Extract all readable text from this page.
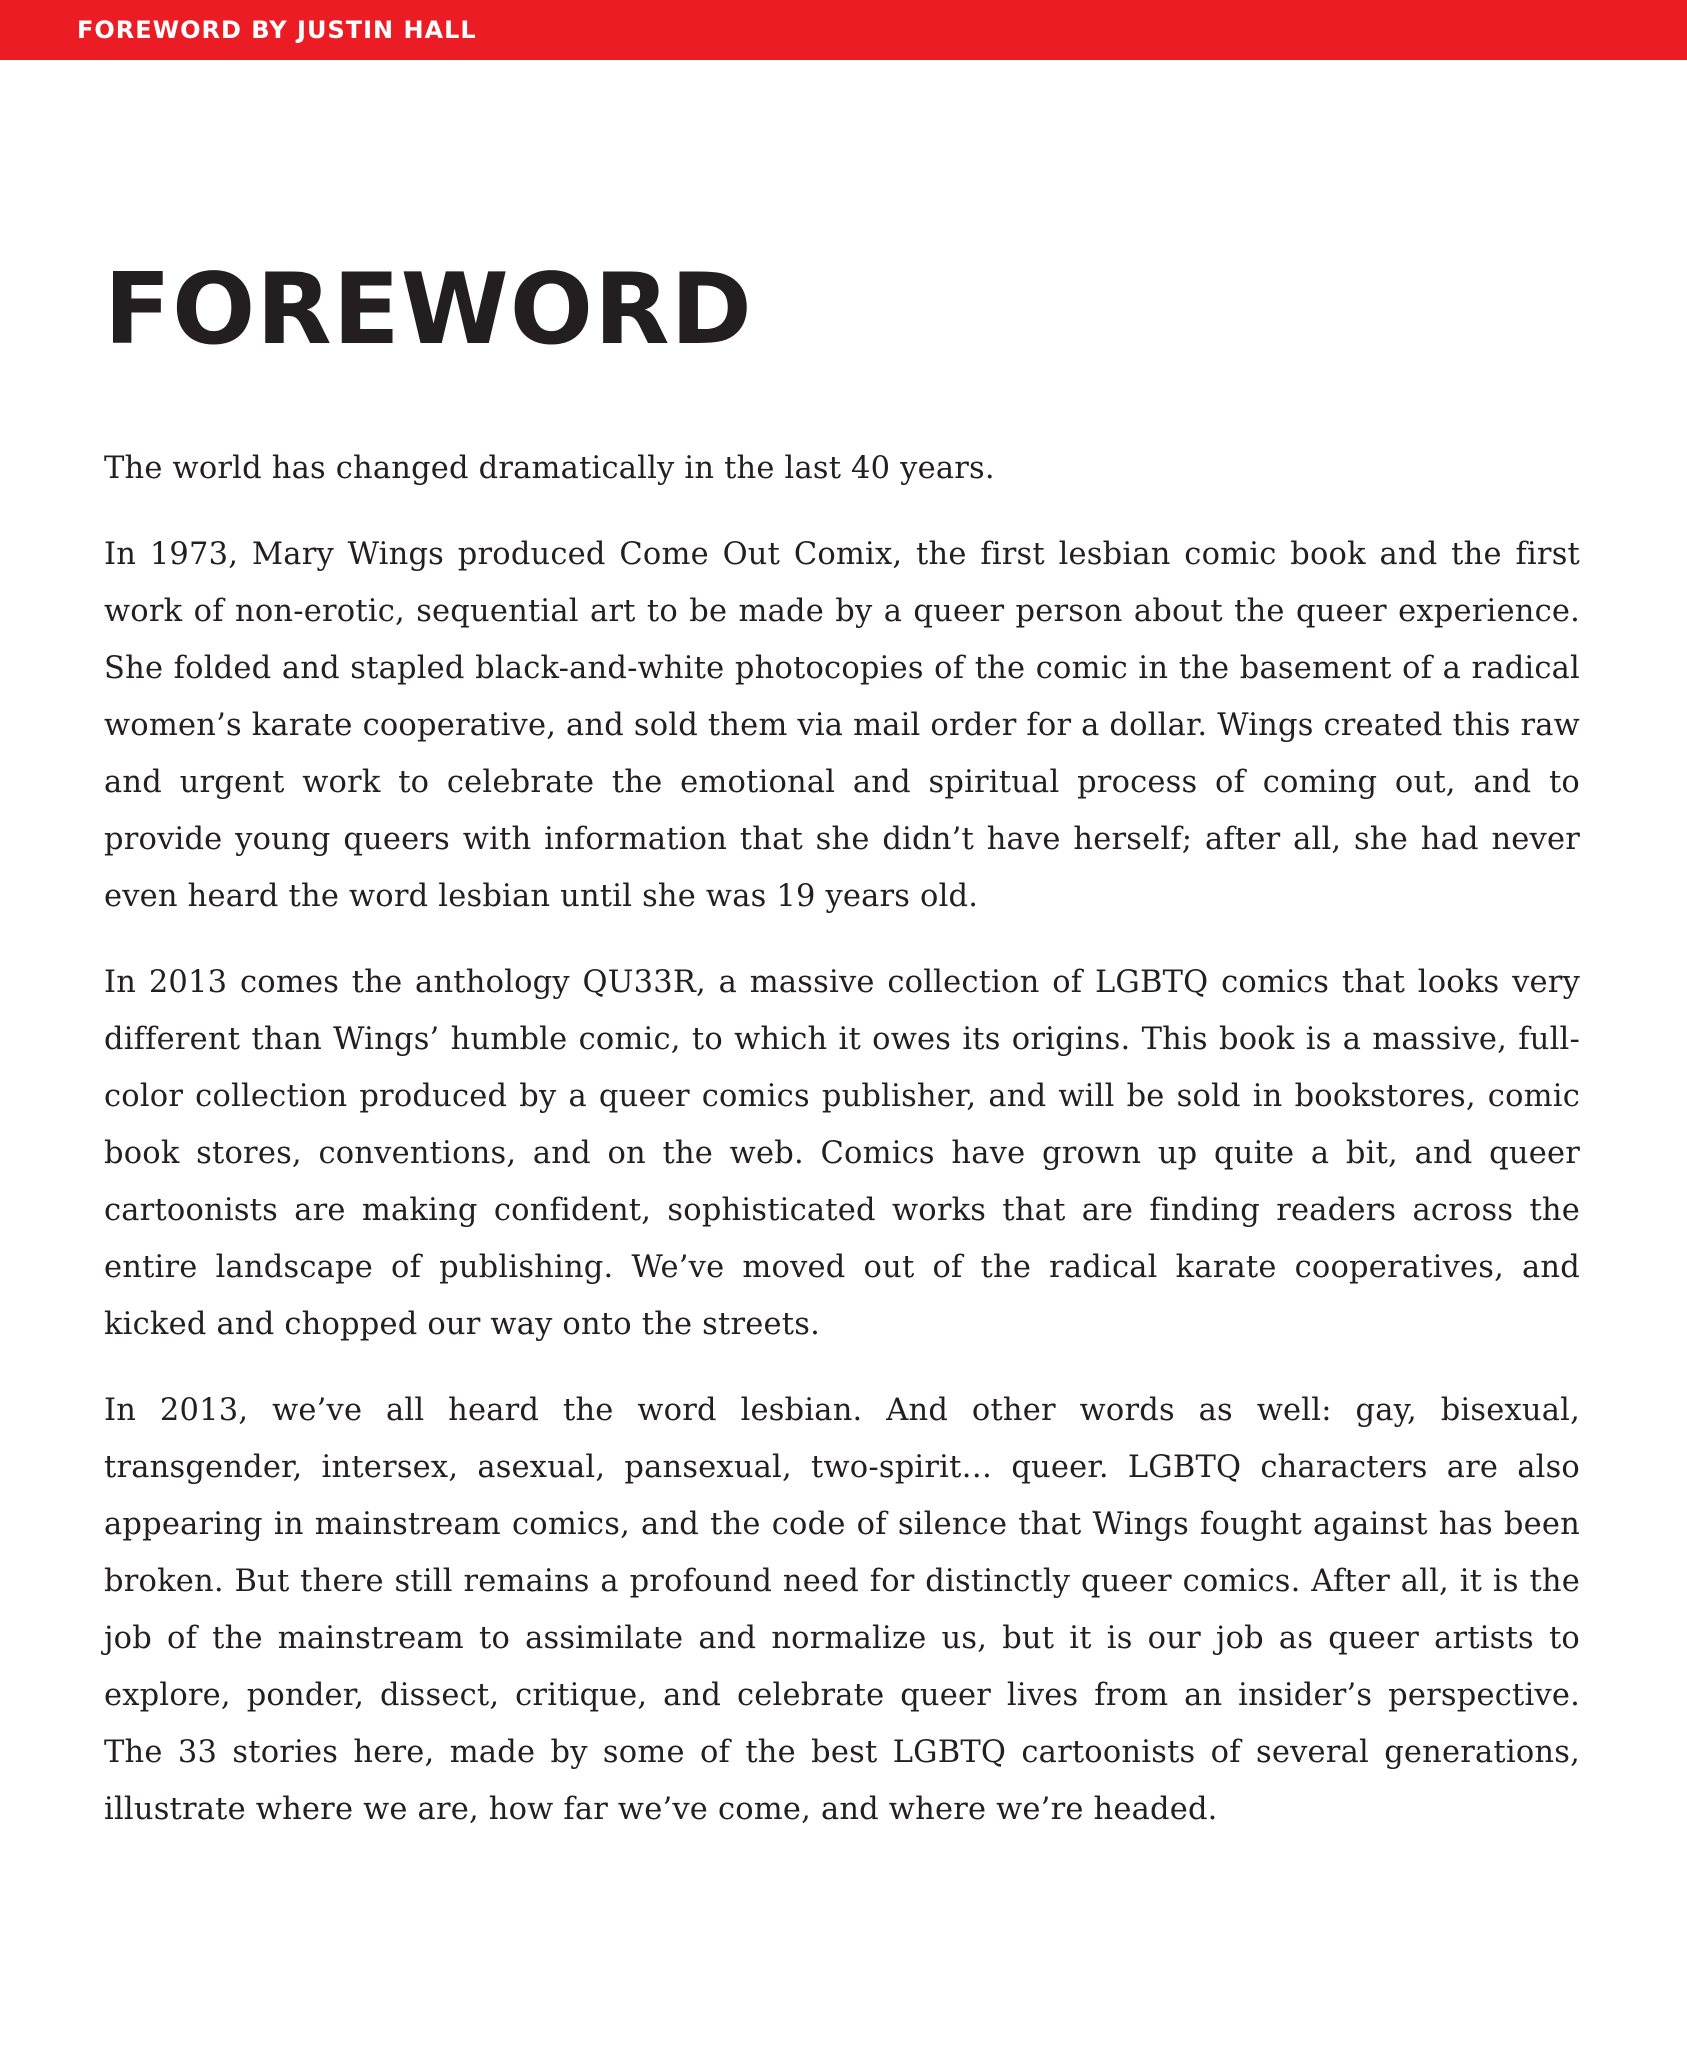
FOREWORD BY JUSTIN HALL
FOREWORD

The world has changed dramatically in the last 40 years.

In 1973, Mary Wings produced Come Out Comix, the first lesbian comic book and the first work of non-erotic, sequential art to be made by a queer person about the queer experience. She folded and stapled black-and-white photocopies of the comic in the basement of a radical women’s karate cooperative, and sold them via mail order for a dollar. Wings created this raw and urgent work to celebrate the emotional and spiritual process of coming out, and to provide young queers with information that she didn’t have herself; after all, she had never even heard the word lesbian until she was 19 years old.

In 2013 comes the anthology QU33R, a massive collection of LGBTQ comics that looks very different than Wings’ humble comic, to which it owes its origins. This book is a massive, full-color collection produced by a queer comics publisher, and will be sold in bookstores, comic book stores, conventions, and on the web. Comics have grown up quite a bit, and queer cartoonists are making confident, sophisticated works that are finding readers across the entire landscape of publishing. We’ve moved out of the radical karate cooperatives, and kicked and chopped our way onto the streets.

In 2013, we’ve all heard the word lesbian. And other words as well: gay, bisexual, transgender, intersex, asexual, pansexual, two-spirit… queer. LGBTQ characters are also appearing in mainstream comics, and the code of silence that Wings fought against has been broken. But there still remains a profound need for distinctly queer comics. After all, it is the job of the mainstream to assimilate and normalize us, but it is our job as queer artists to explore, ponder, dissect, critique, and celebrate queer lives from an insider’s perspective. The 33 stories here, made by some of the best LGBTQ cartoonists of several generations, illustrate where we are, how far we’ve come, and where we’re headed.
